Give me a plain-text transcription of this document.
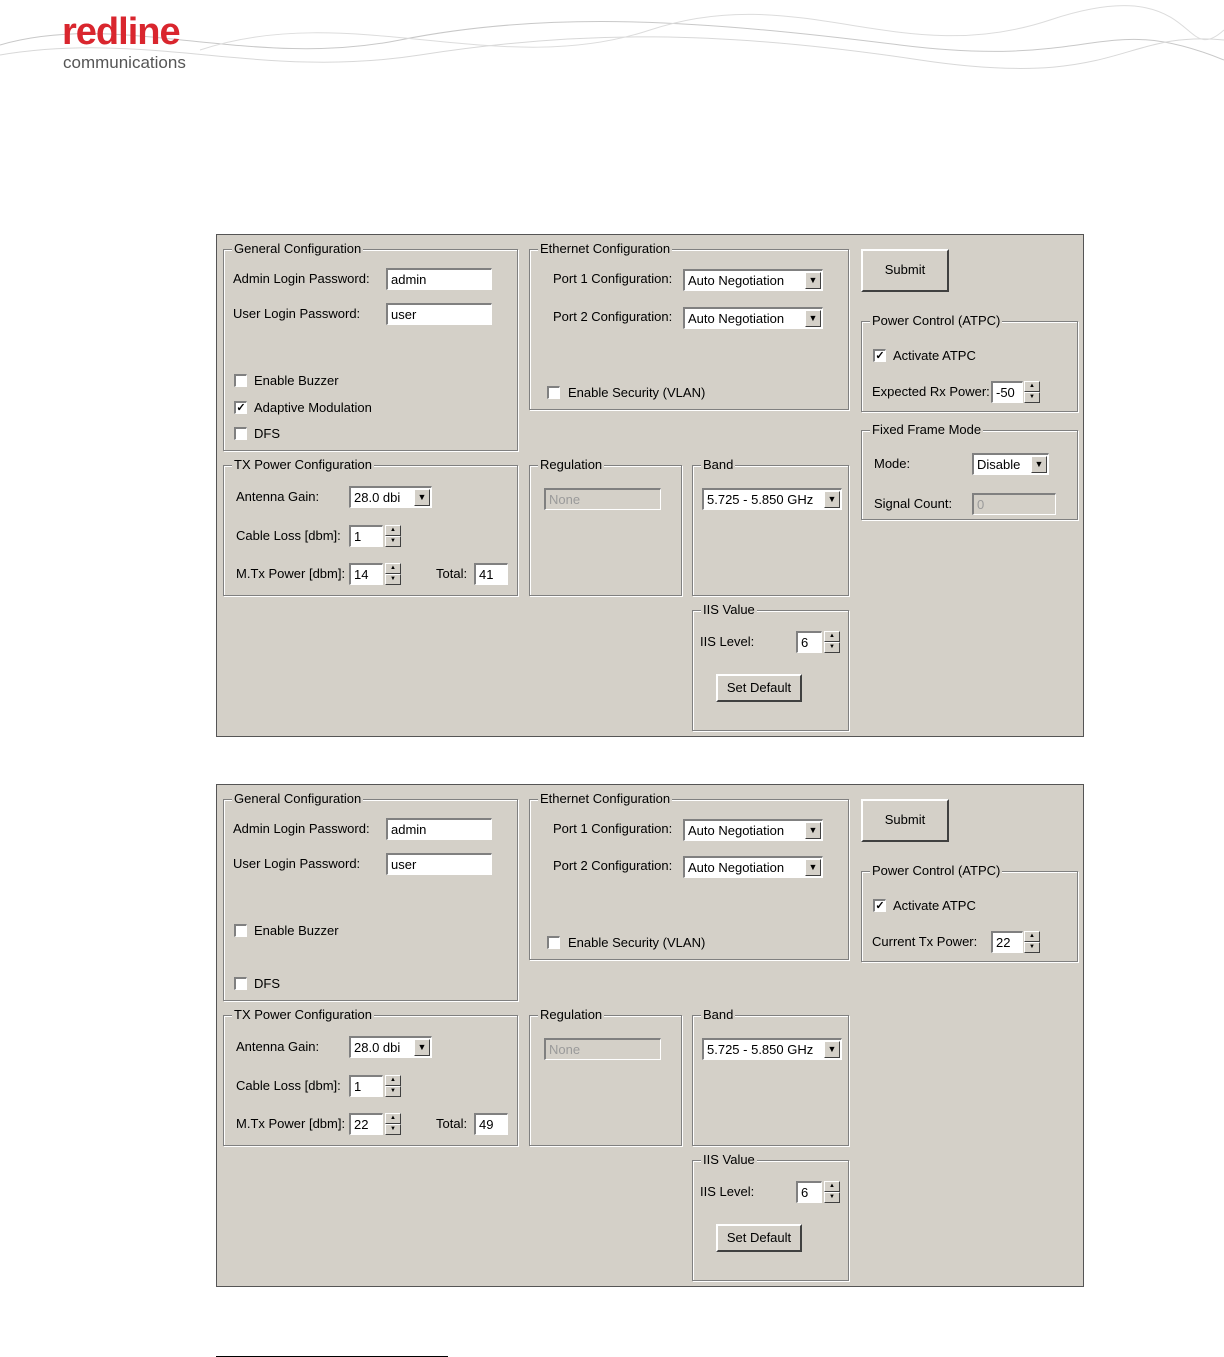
redline
communications
General Configuration
Admin Login Password:	admin
User Login Password:	user
Enable Buzzer
✓ Adaptive Modulation
DFS
Ethernet Configuration
Port 1 Configuration:	Auto Negotiation	▼
Port 2 Configuration:	Auto Negotiation	▼
Enable Security (VLAN)
Submit
Power Control (ATPC)
✓ Activate ATPC
Expected Rx Power: -50	▲
▼
Fixed Frame Mode
Mode:	Disable	▼
Signal Count:	0
TX Power Configuration
Antenna Gain:	28.0 dbi	▼
Cable Loss [dbm]:	1	▲
▼
M.Tx Power [dbm]: 14	▲
▼	Total: 41
Regulation
None
Band
5.725 - 5.850 GHz	▼
IIS Value
IIS Level:	6	▲
▼
Set Default
General Configuration
Admin Login Password:	admin
User Login Password:	user
Enable Buzzer
DFS
Ethernet Configuration
Port 1 Configuration:	Auto Negotiation	▼
Port 2 Configuration:	Auto Negotiation	▼
Enable Security (VLAN)
Submit
Power Control (ATPC)
✓ Activate ATPC
Current Tx Power:	22	▲
▼
TX Power Configuration
Antenna Gain:	28.0 dbi	▼
Cable Loss [dbm]:	1	▲
▼
M.Tx Power [dbm]: 22	▲
▼	Total: 49
Regulation
None
Band
5.725 - 5.850 GHz	▼
IIS Value
IIS Level:	6	▲
▼
Set Default
